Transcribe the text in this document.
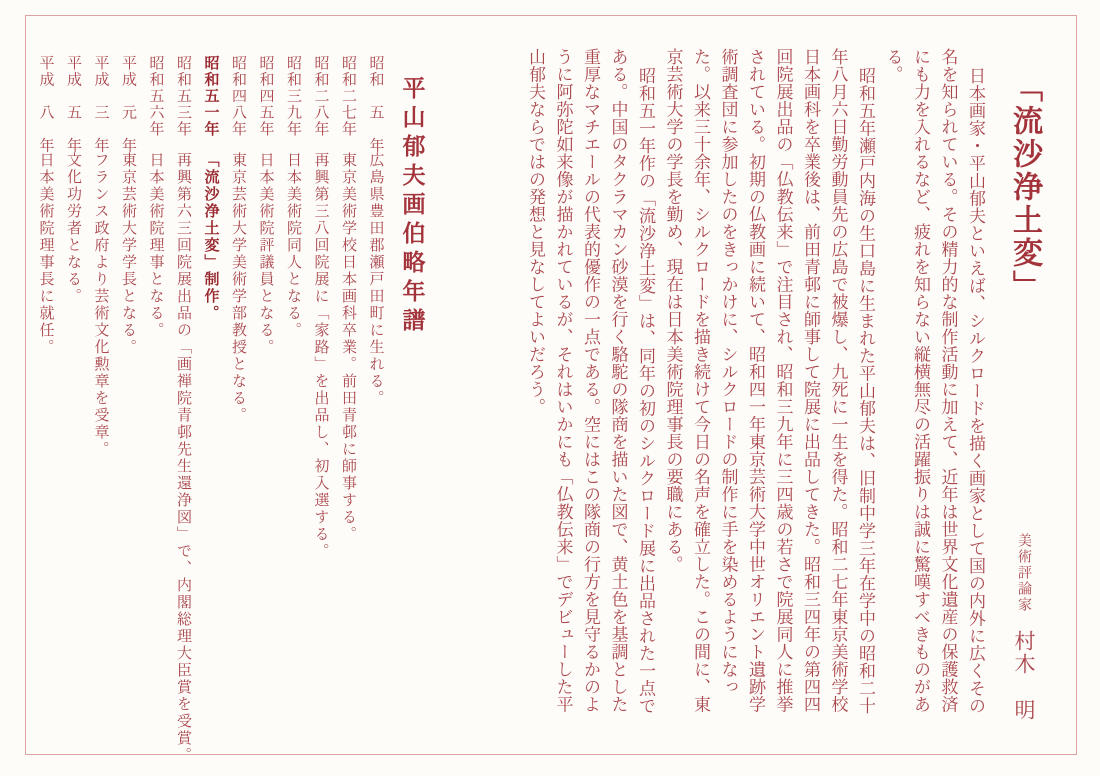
「流沙浄土変」 美術評論家 村木　明

日本画家・平山郁夫といえば、シルクロードを描く画家として国の内外に広くその名を知られている。その精力的な制作活動に加えて、近年は世界文化遺産の保護救済にも力を入れるなど、疲れを知らない縦横無尽の活躍振りは誠に驚嘆すべきものがある。

昭和五年瀬戸内海の生口島に生まれた平山郁夫は、旧制中学三年在学中の昭和二十年八月六日勤労動員先の広島で被爆し、九死に一生を得た。昭和二七年東京美術学校日本画科を卒業後は、前田青邨に師事して院展に出品してきた。昭和三四年の第四四回院展出品の「仏教伝来」で注目され、昭和三九年に三四歳の若さで院展同人に推挙されている。初期の仏教画に続いて、昭和四一年東京芸術大学中世オリエント遺跡学術調査団に参加したのをきっかけに、シルクロードの制作に手を染めるようになった。以来三十余年、シルクロードを描き続けて今日の名声を確立した。この間に、東京芸術大学の学長を勤め、現在は日本美術院理事長の要職にある。

昭和五一年作の「流沙浄土変」は、同年の初のシルクロード展に出品された一点である。中国のタクラマカン砂漠を行く駱駝の隊商を描いた図で、黄土色を基調とした重厚なマチエールの代表的優作の一点である。空にはこの隊商の行方を見守るかのように阿弥陀如来像が描かれているが、それはいかにも「仏教伝来」でデビューした平山郁夫ならではの発想と見なしてよいだろう。

平山郁夫画伯略年譜
昭和　五　年広島県豊田郡瀬戸田町に生れる。
昭和二七年東京美術学校日本画科卒業。前田青邨に師事する。
昭和二八年再興第三八回院展に「家路」を出品し、初入選する。
昭和三九年日本美術院同人となる。
昭和四五年日本美術院評議員となる。
昭和四八年東京芸術大学美術学部教授となる。
昭和五一年「流沙浄土変」制作。
昭和五三年再興第六三回院展出品の「画禅院青邨先生還浄図」で、内閣総理大臣賞を受賞。
昭和五六年日本美術院理事となる。
平成　元　年東京芸術大学学長となる。
平成　三　年フランス政府より芸術文化勲章を受章。
平成　五　年文化功労者となる。
平成　八　年日本美術院理事長に就任。
